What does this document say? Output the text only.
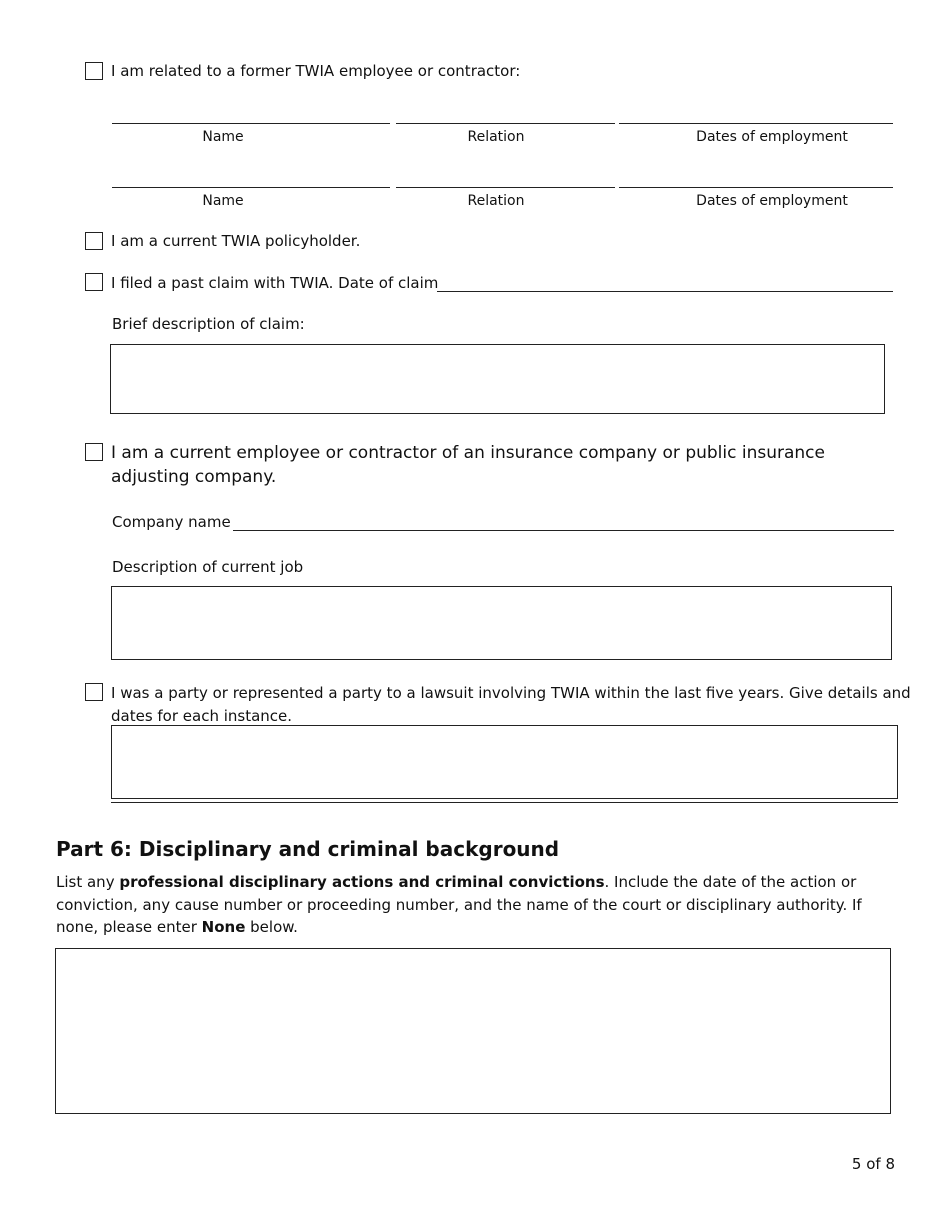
I am related to a former TWIA employee or contractor:
Name	Relation	Dates of employment
Name	Relation	Dates of employment
I am a current TWIA policyholder.
I filed a past claim with TWIA. Date of claim
Brief description of claim:
I am a current employee or contractor of an insurance company or public insurance adjusting company.
Company name
Description of current job
I was a party or represented a party to a lawsuit involving TWIA within the last five years. Give details and dates for each instance.
Part 6: Disciplinary and criminal background
List any professional disciplinary actions and criminal convictions. Include the date of the action or conviction, any cause number or proceeding number, and the name of the court or disciplinary authority. If none, please enter None below.
5 of 8
